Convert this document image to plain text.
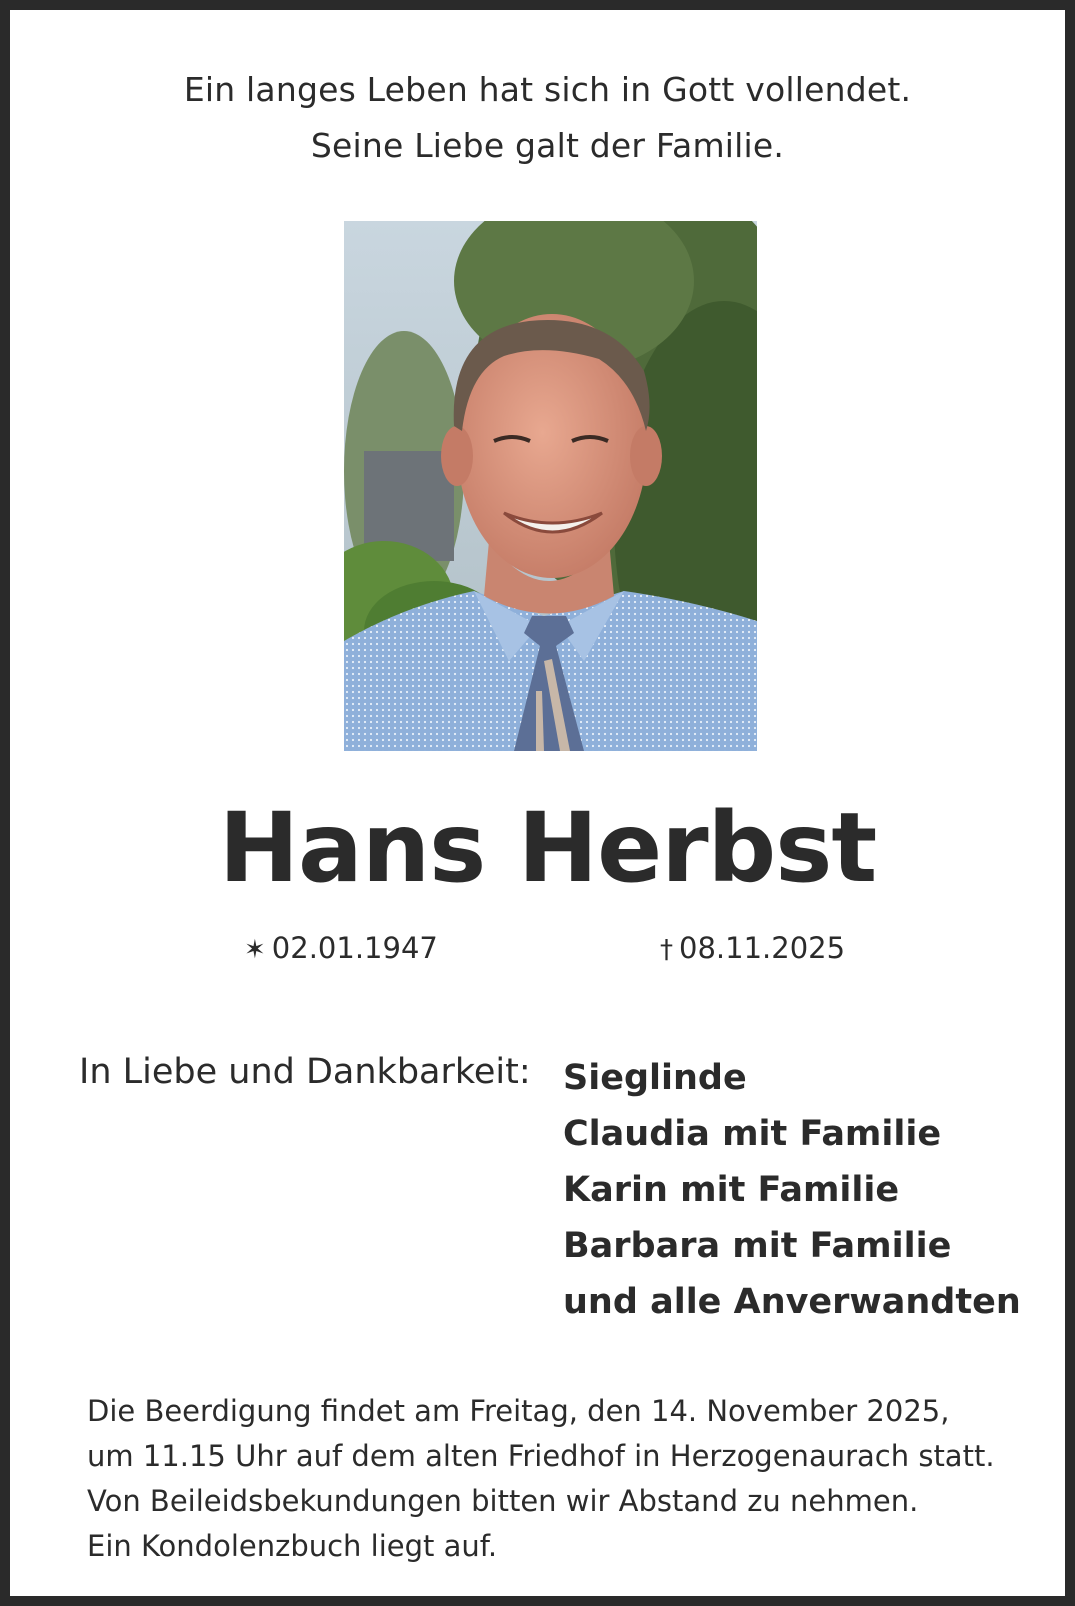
Ein langes Leben hat sich in Gott vollendet.
Seine Liebe galt der Familie.
Hans Herbst
✶ 02.01.1947	† 08.11.2025
In Liebe und Dankbarkeit: Sieglinde
Claudia mit Familie
Karin mit Familie
Barbara mit Familie
und alle Anverwandten
Die Beerdigung findet am Freitag, den 14. November 2025,
um 11.15 Uhr auf dem alten Friedhof in Herzogenaurach statt.
Von Beileidsbekundungen bitten wir Abstand zu nehmen.
Ein Kondolenzbuch liegt auf.
